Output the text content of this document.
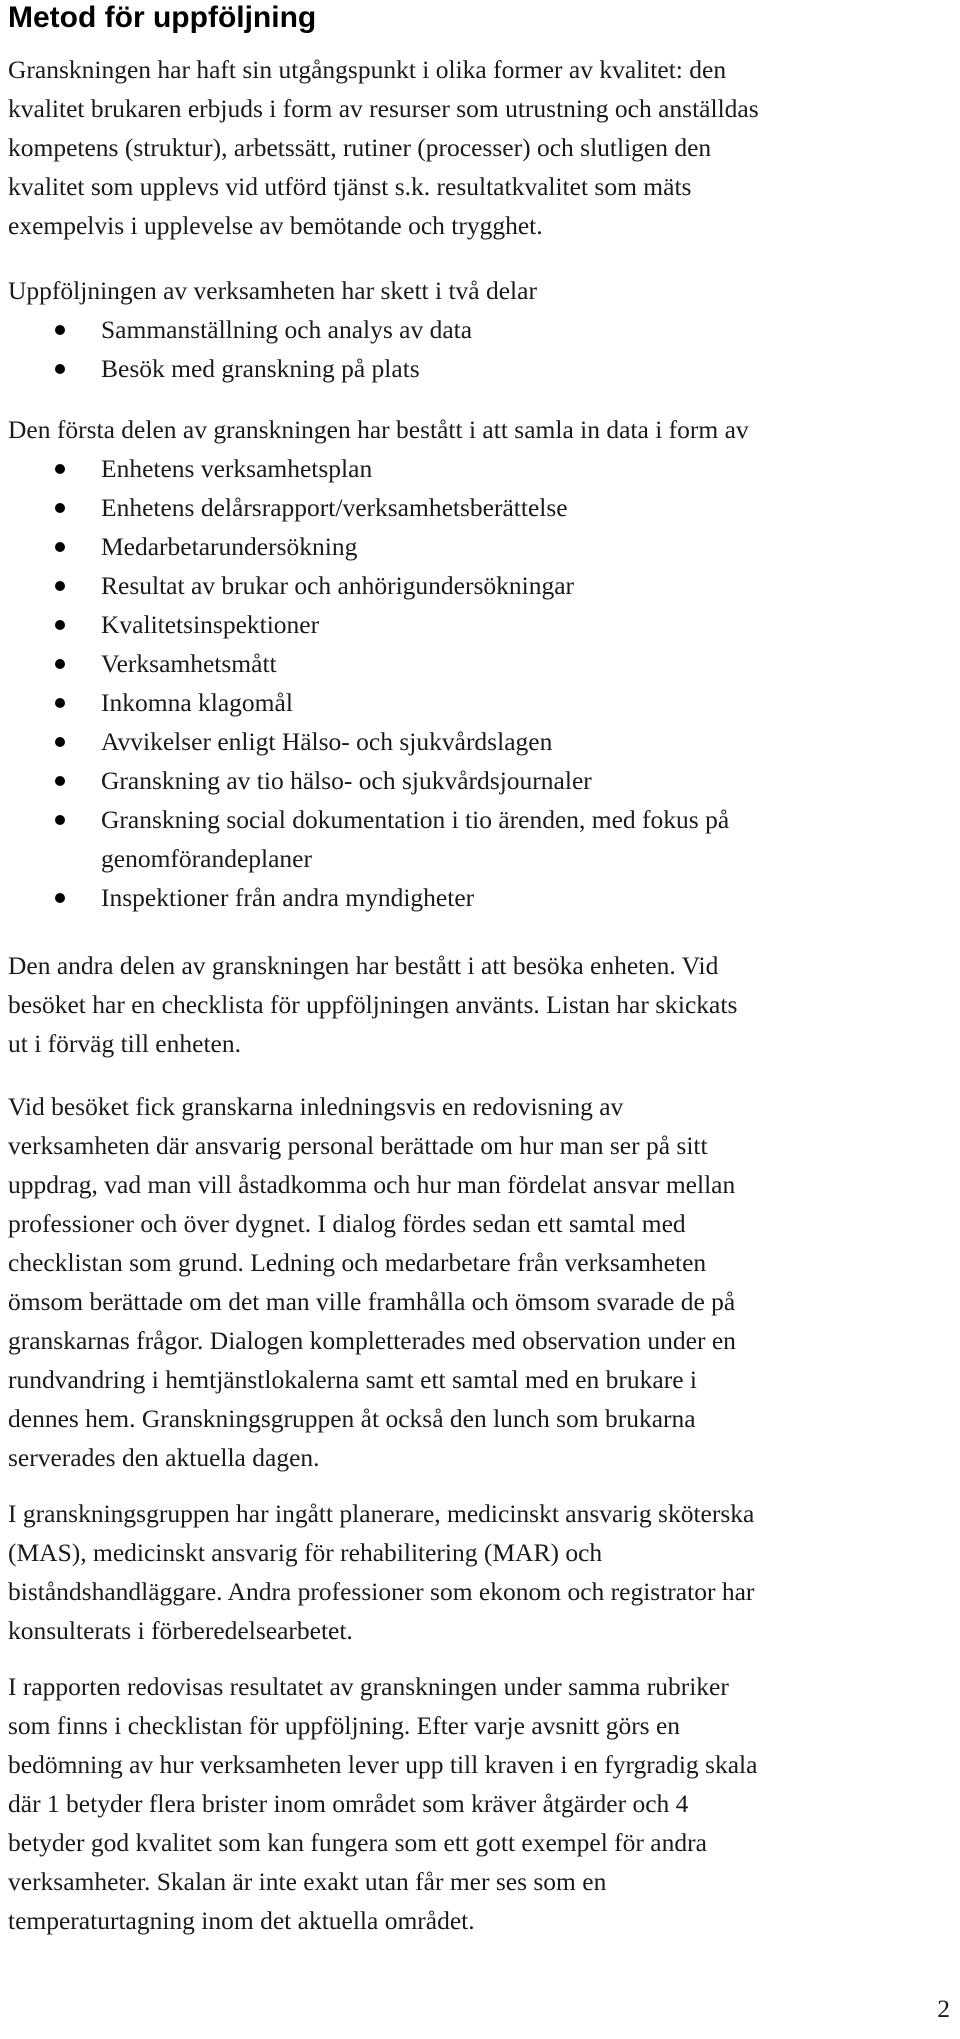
Metod för uppföljning
Granskningen har haft sin utgångspunkt i olika former av kvalitet: den
kvalitet brukaren erbjuds i form av resurser som utrustning och anställdas
kompetens (struktur), arbetssätt, rutiner (processer) och slutligen den
kvalitet som upplevs vid utförd tjänst s.k. resultatkvalitet som mäts
exempelvis i upplevelse av bemötande och trygghet.
Uppföljningen av verksamheten har skett i två delar
Sammanställning och analys av data
Besök med granskning på plats
Den första delen av granskningen har bestått i att samla in data i form av
Enhetens verksamhetsplan
Enhetens delårsrapport/verksamhetsberättelse
Medarbetarundersökning
Resultat av brukar och anhörigundersökningar
Kvalitetsinspektioner
Verksamhetsmått
Inkomna klagomål
Avvikelser enligt Hälso- och sjukvårdslagen
Granskning av tio hälso- och sjukvårdsjournaler
Granskning social dokumentation i tio ärenden, med fokus på
genomförandeplaner
Inspektioner från andra myndigheter
Den andra delen av granskningen har bestått i att besöka enheten. Vid
besöket har en checklista för uppföljningen använts. Listan har skickats
ut i förväg till enheten.
Vid besöket fick granskarna inledningsvis en redovisning av
verksamheten där ansvarig personal berättade om hur man ser på sitt
uppdrag, vad man vill åstadkomma och hur man fördelat ansvar mellan
professioner och över dygnet. I dialog fördes sedan ett samtal med
checklistan som grund. Ledning och medarbetare från verksamheten
ömsom berättade om det man ville framhålla och ömsom svarade de på
granskarnas frågor. Dialogen kompletterades med observation under en
rundvandring i hemtjänstlokalerna samt ett samtal med en brukare i
dennes hem. Granskningsgruppen åt också den lunch som brukarna
serverades den aktuella dagen.
I granskningsgruppen har ingått planerare, medicinskt ansvarig sköterska
(MAS), medicinskt ansvarig för rehabilitering (MAR) och
biståndshandläggare. Andra professioner som ekonom och registrator har
konsulterats i förberedelsearbetet.
I rapporten redovisas resultatet av granskningen under samma rubriker
som finns i checklistan för uppföljning. Efter varje avsnitt görs en
bedömning av hur verksamheten lever upp till kraven i en fyrgradig skala
där 1 betyder flera brister inom området som kräver åtgärder och 4
betyder god kvalitet som kan fungera som ett gott exempel för andra
verksamheter. Skalan är inte exakt utan får mer ses som en
temperaturtagning inom det aktuella området.
2
